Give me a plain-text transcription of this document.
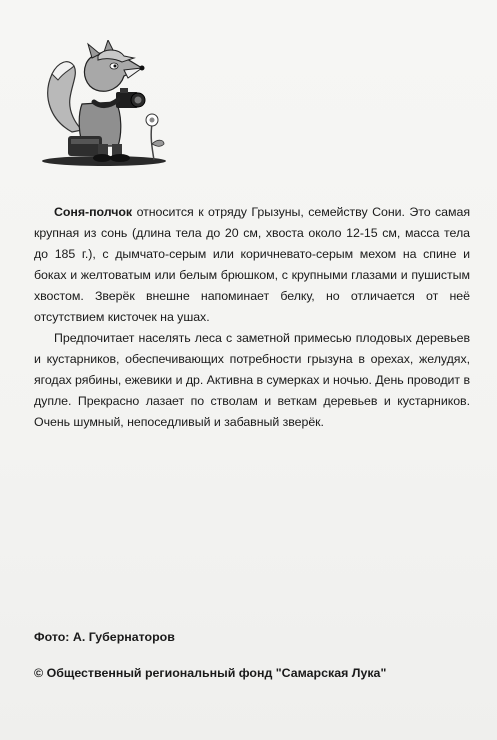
Соня-полчок относится к отряду Грызуны, семейству Сони. Это самая крупная из сонь (длина тела до 20 см, хвоста около 12-15 см, масса тела до 185 г.), с дымчато-серым или коричневато-серым мехом на спине и боках и желтоватым или белым брюшком, с крупными глазами и пушистым хвостом. Зверёк внешне напоминает белку, но отличается от неё отсутствием кисточек на ушах.

Предпочитает населять леса с заметной примесью плодовых деревьев и кустарников, обеспечивающих потребности грызуна в орехах, желудях, ягодах рябины, ежевики и др. Активна в сумерках и ночью. День проводит в дупле. Прекрасно лазает по стволам и веткам деревьев и кустарников. Очень шумный, непоседливый и забавный зверёк.

Фото: А. Губернаторов
© Общественный региональный фонд "Самарская Лука"
